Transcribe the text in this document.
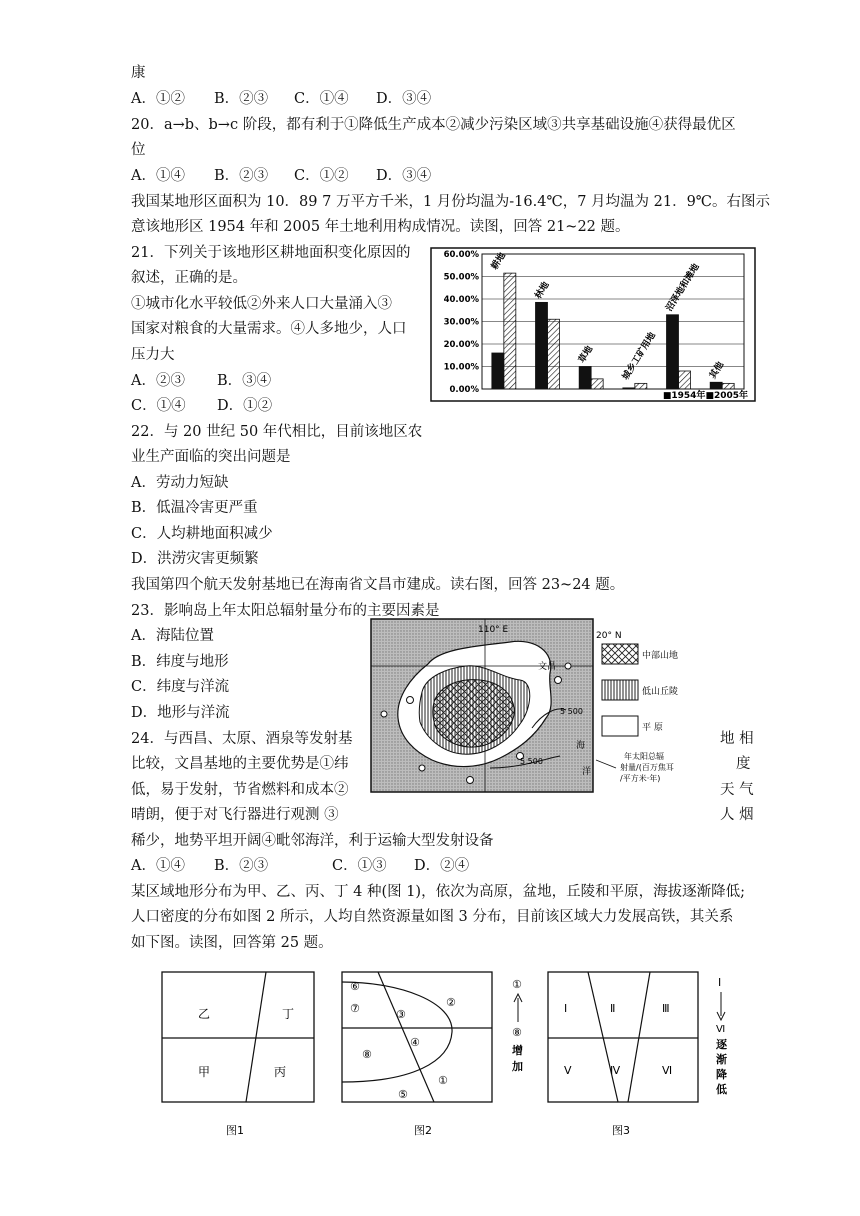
康
A．①② B．②③ C．①④ D．③④
20．a→b、b→c 阶段，都有利于①降低生产成本②减少污染区域③共享基础设施④获得最优区
位
A．①④ B．②③ C．①② D．③④
我国某地形区面积为 10．89 7 万平方千米，1 月份均温为-16.4℃，7 月均温为 21．9℃。右图示
意该地形区 1954 年和 2005 年土地利用构成情况。读图，回答 21~22 题。
21．下列关于该地形区耕地面积变化原因的
叙述，正确的是。
①城市化水平较低②外来人口大量涌入③
国家对粮食的大量需求。④人多地少，人口
压力大
A．②③ B．③④
C．①④ D．①②
22．与 20 世纪 50 年代相比，目前该地区农
业生产面临的突出问题是
A．劳动力短缺
B．低温冷害更严重
C．人均耕地面积减少
D．洪涝灾害更频繁
我国第四个航天发射基地已在海南省文昌市建成。读右图，回答 23~24 题。
23．影响岛上年太阳总辐射量分布的主要因素是
A．海陆位置
B．纬度与地形
C．纬度与洋流
D．地形与洋流
24．与西昌、太原、酒泉等发射基	地 相
比较，文昌基地的主要优势是①纬	度
低，易于发射，节省燃料和成本②	天 气
晴朗，便于对飞行器进行观测 ③	人 烟
稀少，地势平坦开阔④毗邻海洋，利于运输大型发射设备
A．①④ B．②③	C．①③ D．②④
某区域地形分布为甲、乙、丙、丁 4 种(图 1)，依次为高原，盆地，丘陵和平原，海拔逐渐降低;
人口密度的分布如图 2 所示，人均自然资源量如图 3 分布，目前该区域大力发展高铁，其关系
如下图。读图，回答第 25 题。
0.00%
10.00%
20.00%
30.00%
40.00%
50.00%
60.00% 耕地
林地
草地	城乡工矿用地
沼泽地和滩地
其他
■1954年■2005年
110° E
20° N
文昌
5 500
5 500
海
洋
中部山地
低山丘陵
平 原
年太阳总辐
射量/(百万焦耳
/平方米·年)
乙	丁
甲	丙
图1
⑥
⑦	③
②
④
⑧
①
⑤
图2
①
⑧
增
加
Ⅰ	Ⅱ	Ⅲ
Ⅴ	Ⅳ	Ⅵ
图3
Ⅰ
Ⅵ
逐
渐
降
低
